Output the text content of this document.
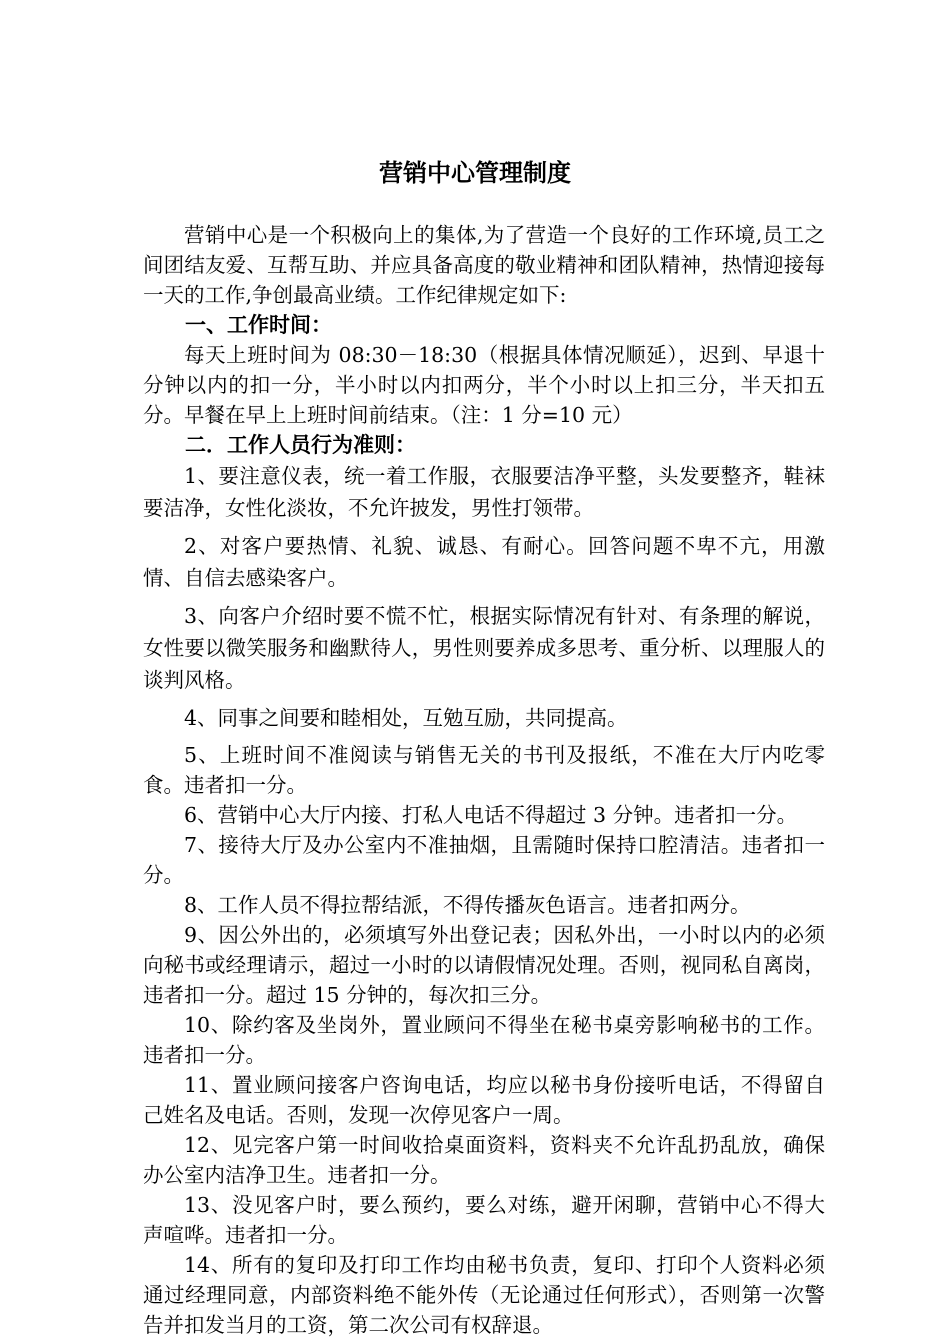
营销中心管理制度

营销中心是一个积极向上的集体,为了营造一个良好的工作环境,员工之间团结友爱、互帮互助、并应具备高度的敬业精神和团队精神，热情迎接每一天的工作,争创最高业绩。工作纪律规定如下:

一、工作时间：

每天上班时间为 08:30－18:30（根据具体情况顺延），迟到、早退十分钟以内的扣一分，半小时以内扣两分，半个小时以上扣三分，半天扣五分。早餐在早上上班时间前结束。（注：1 分=10 元）

二．工作人员行为准则：

1、要注意仪表，统一着工作服，衣服要洁净平整，头发要整齐，鞋袜要洁净，女性化淡妆，不允许披发，男性打领带。

2、对客户要热情、礼貌、诚恳、有耐心。回答问题不卑不亢，用激情、自信去感染客户。

3、向客户介绍时要不慌不忙，根据实际情况有针对、有条理的解说，女性要以微笑服务和幽默待人，男性则要养成多思考、重分析、以理服人的谈判风格。

4、同事之间要和睦相处，互勉互励，共同提高。

5、上班时间不准阅读与销售无关的书刊及报纸，不准在大厅内吃零食。违者扣一分。

6、营销中心大厅内接、打私人电话不得超过 3 分钟。违者扣一分。

7、接待大厅及办公室内不准抽烟，且需随时保持口腔清洁。违者扣一分。

8、工作人员不得拉帮结派，不得传播灰色语言。违者扣两分。

9、因公外出的，必须填写外出登记表；因私外出，一小时以内的必须向秘书或经理请示，超过一小时的以请假情况处理。否则，视同私自离岗，违者扣一分。超过 15 分钟的，每次扣三分。

10、除约客及坐岗外，置业顾问不得坐在秘书桌旁影响秘书的工作。违者扣一分。

11、置业顾问接客户咨询电话，均应以秘书身份接听电话，不得留自己姓名及电话。否则，发现一次停见客户一周。

12、见完客户第一时间收拾桌面资料，资料夹不允许乱扔乱放，确保办公室内洁净卫生。违者扣一分。

13、没见客户时，要么预约，要么对练，避开闲聊，营销中心不得大声喧哗。违者扣一分。

14、所有的复印及打印工作均由秘书负责，复印、打印个人资料必须通过经理同意，内部资料绝不能外传（无论通过任何形式），否则第一次警告并扣发当月的工资，第二次公司有权辞退。
